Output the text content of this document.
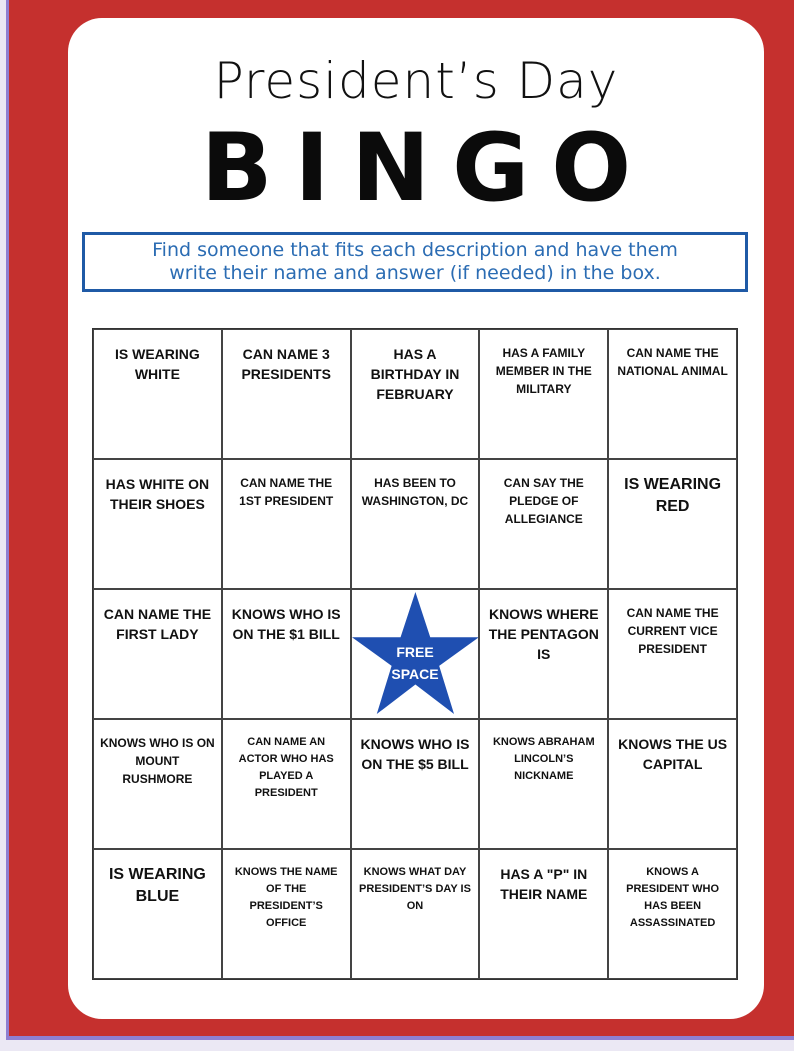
President’s Day
BINGO
Find someone that fits each description and have them
write their name and answer (if needed) in the box.
IS WEARING WHITE
CAN NAME 3 PRESIDENTS
HAS A BIRTHDAY IN FEBRUARY
HAS A FAMILY MEMBER IN THE MILITARY
CAN NAME THE NATIONAL ANIMAL
HAS WHITE ON THEIR SHOES
CAN NAME THE 1ST PRESIDENT
HAS BEEN TO WASHINGTON, DC
CAN SAY THE PLEDGE OF ALLEGIANCE
IS WEARING RED
CAN NAME THE FIRST LADY
KNOWS WHO IS ON THE $1 BILL
FREE
SPACE
KNOWS WHERE THE PENTAGON IS
CAN NAME THE CURRENT VICE PRESIDENT
KNOWS WHO IS ON MOUNT RUSHMORE
CAN NAME AN ACTOR WHO HAS PLAYED A PRESIDENT
KNOWS WHO IS ON THE $5 BILL
KNOWS ABRAHAM LINCOLN’S NICKNAME
KNOWS THE US CAPITAL
IS WEARING BLUE
KNOWS THE NAME OF THE PRESIDENT’S OFFICE
KNOWS WHAT DAY PRESIDENT’S DAY IS ON
HAS A "P" IN THEIR NAME
KNOWS A PRESIDENT WHO HAS BEEN ASSASSINATED
